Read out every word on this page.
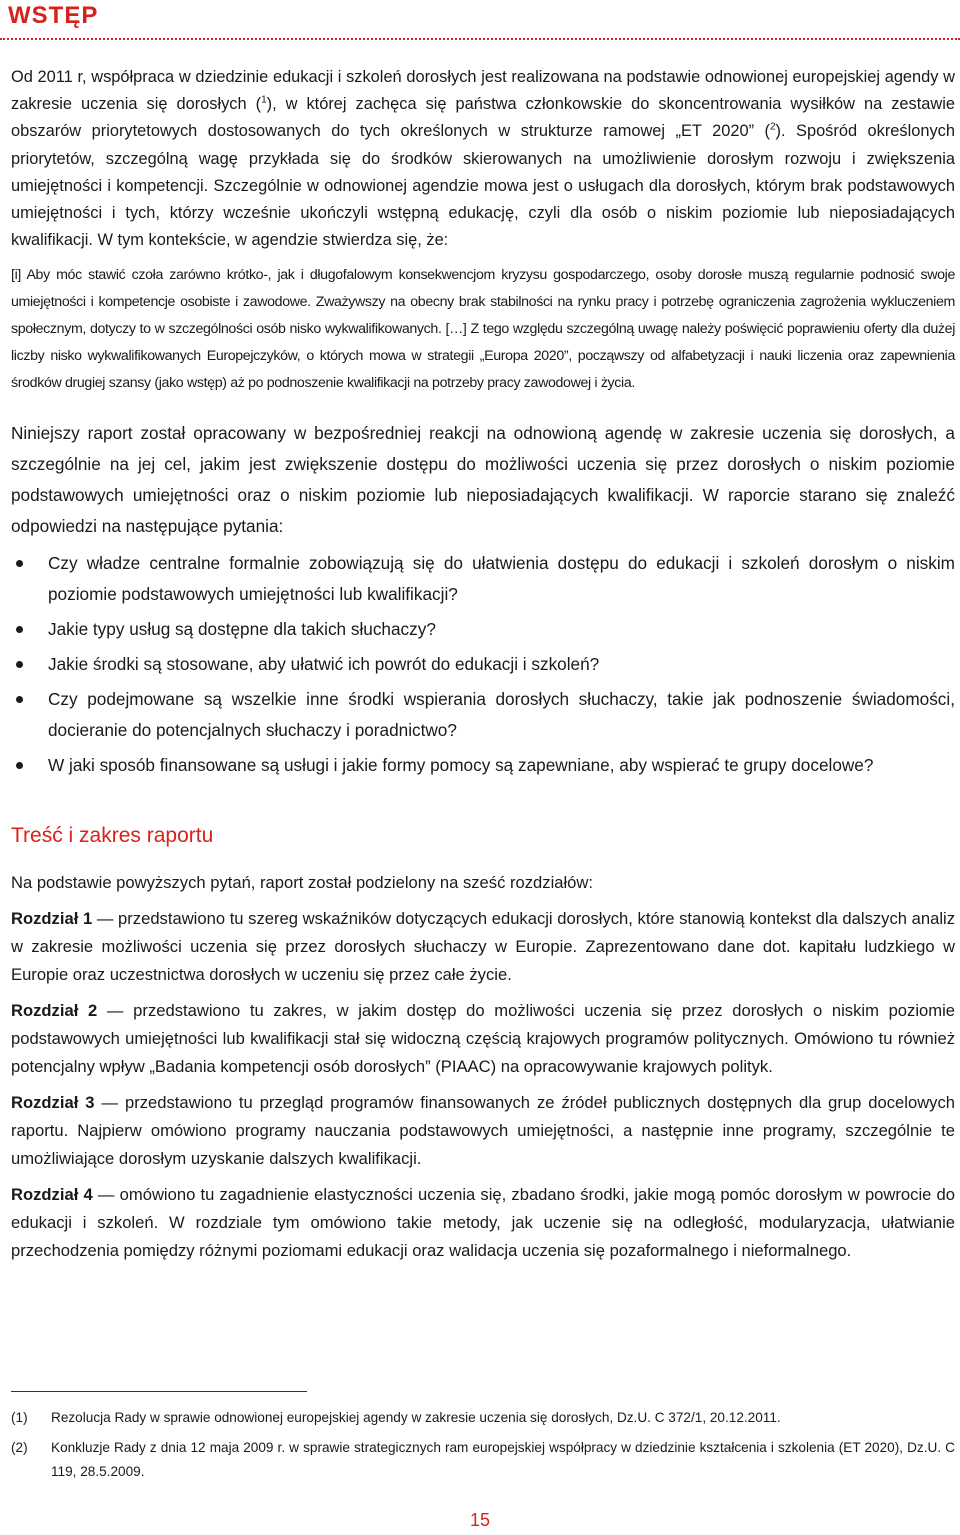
WSTĘP

Od 2011 r, współpraca w dziedzinie edukacji i szkoleń dorosłych jest realizowana na podstawie odnowionej europejskiej agendy w zakresie uczenia się dorosłych ($^1$), w której zachęca się państwa członkowskie do skoncentrowania wysiłków na zestawie obszarów priorytetowych dostosowanych do tych określonych w strukturze ramowej „ET 2020” ($^2$). Spośród określonych priorytetów, szczególną wagę przykłada się do środków skierowanych na umożliwienie dorosłym rozwoju i zwiększenia umiejętności i kompetencji. Szczególnie w odnowionej agendzie mowa jest o usługach dla dorosłych, którym brak podstawowych umiejętności i tych, którzy wcześnie ukończyli wstępną edukację, czyli dla osób o niskim poziomie lub nieposiadających kwalifikacji. W tym kontekście, w agendzie stwierdza się, że:

[i] Aby móc stawić czoła zarówno krótko-, jak i długofalowym konsekwencjom kryzysu gospodarczego, osoby dorosłe muszą regularnie podnosić swoje umiejętności i kompetencje osobiste i zawodowe. Zważywszy na obecny brak stabilności na rynku pracy i potrzebę ograniczenia zagrożenia wykluczeniem społecznym, dotyczy to w szczególności osób nisko wykwalifikowanych. […] Z tego względu szczególną uwagę należy poświęcić poprawieniu oferty dla dużej liczby nisko wykwalifikowanych Europejczyków, o których mowa w strategii „Europa 2020”, począwszy od alfabetyzacji i nauki liczenia oraz zapewnienia środków drugiej szansy (jako wstęp) aż po podnoszenie kwalifikacji na potrzeby pracy zawodowej i życia.

Niniejszy raport został opracowany w bezpośredniej reakcji na odnowioną agendę w zakresie uczenia się dorosłych, a szczególnie na jej cel, jakim jest zwiększenie dostępu do możliwości uczenia się przez dorosłych o niskim poziomie podstawowych umiejętności oraz o niskim poziomie lub nieposiadających kwalifikacji. W raporcie starano się znaleźć odpowiedzi na następujące pytania:

Czy władze centralne formalnie zobowiązują się do ułatwienia dostępu do edukacji i szkoleń dorosłym o niskim poziomie podstawowych umiejętności lub kwalifikacji?
Jakie typy usług są dostępne dla takich słuchaczy?
Jakie środki są stosowane, aby ułatwić ich powrót do edukacji i szkoleń?
Czy podejmowane są wszelkie inne środki wspierania dorosłych słuchaczy, takie jak podnoszenie świadomości, docieranie do potencjalnych słuchaczy i poradnictwo?
W jaki sposób finansowane są usługi i jakie formy pomocy są zapewniane, aby wspierać te grupy docelowe?
Treść i zakres raportu

Na podstawie powyższych pytań, raport został podzielony na sześć rozdziałów:

Rozdział 1 — przedstawiono tu szereg wskaźników dotyczących edukacji dorosłych, które stanowią kontekst dla dalszych analiz w zakresie możliwości uczenia się przez dorosłych słuchaczy w Europie. Zaprezentowano dane dot. kapitału ludzkiego w Europie oraz uczestnictwa dorosłych w uczeniu się przez całe życie.

Rozdział 2 — przedstawiono tu zakres, w jakim dostęp do możliwości uczenia się przez dorosłych o niskim poziomie podstawowych umiejętności lub kwalifikacji stał się widoczną częścią krajowych programów politycznych. Omówiono tu również potencjalny wpływ „Badania kompetencji osób dorosłych” (PIAAC) na opracowywanie krajowych polityk.

Rozdział 3 — przedstawiono tu przegląd programów finansowanych ze źródeł publicznych dostępnych dla grup docelowych raportu. Najpierw omówiono programy nauczania podstawowych umiejętności, a następnie inne programy, szczególnie te umożliwiające dorosłym uzyskanie dalszych kwalifikacji.

Rozdział 4 — omówiono tu zagadnienie elastyczności uczenia się, zbadano środki, jakie mogą pomóc dorosłym w powrocie do edukacji i szkoleń. W rozdziale tym omówiono takie metody, jak uczenie się na odległość, modularyzacja, ułatwianie przechodzenia pomiędzy różnymi poziomami edukacji oraz walidacja uczenia się pozaformalnego i nieformalnego.

(1) Rezolucja Rady w sprawie odnowionej europejskiej agendy w zakresie uczenia się dorosłych, Dz.U. C 372/1, 20.12.2011.
(2) Konkluzje Rady z dnia 12 maja 2009 r. w sprawie strategicznych ram europejskiej współpracy w dziedzinie kształcenia i szkolenia (ET 2020), Dz.U. C 119, 28.5.2009.
15
